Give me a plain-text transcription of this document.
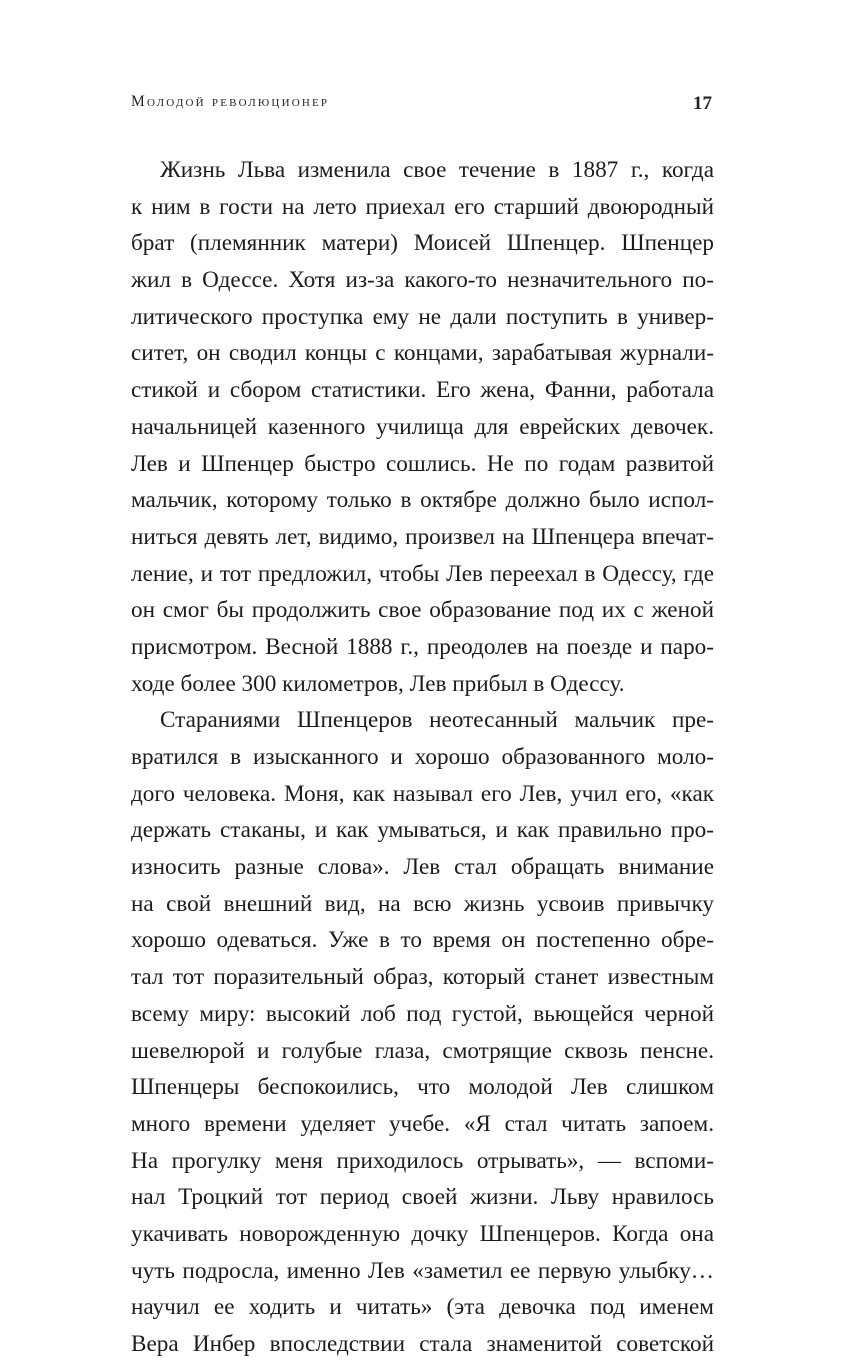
Молодой революционер	17
Жизнь Льва изменила свое течение в 1887 г., когда
к ним в гости на лето приехал его старший двоюродный
брат (племянник матери) Моисей Шпенцер. Шпенцер
жил в Одессе. Хотя из-за какого-то незначительного по-
литического проступка ему не дали поступить в универ-
ситет, он сводил концы с концами, зарабатывая журнали-
стикой и сбором статистики. Его жена, Фанни, работала
начальницей казенного училища для еврейских девочек.
Лев и Шпенцер быстро сошлись. Не по годам развитой
мальчик, которому только в октябре должно было испол-
ниться девять лет, видимо, произвел на Шпенцера впечат-
ление, и тот предложил, чтобы Лев переехал в Одессу, где
он смог бы продолжить свое образование под их с женой
присмотром. Весной 1888 г., преодолев на поезде и паро-
ходе более 300 километров, Лев прибыл в Одессу.
Стараниями Шпенцеров неотесанный мальчик пре-
вратился в изысканного и хорошо образованного моло-
дого человека. Моня, как называл его Лев, учил его, «как
держать стаканы, и как умываться, и как правильно про-
износить разные слова». Лев стал обращать внимание
на свой внешний вид, на всю жизнь усвоив привычку
хорошо одеваться. Уже в то время он постепенно обре-
тал тот поразительный образ, который станет известным
всему миру: высокий лоб под густой, вьющейся черной
шевелюрой и голубые глаза, смотрящие сквозь пенсне.
Шпенцеры беспокоились, что молодой Лев слишком
много времени уделяет учебе. «Я стал читать запоем.
На прогулку меня приходилось отрывать», — вспоми-
нал Троцкий тот период своей жизни. Льву нравилось
укачивать новорожденную дочку Шпенцеров. Когда она
чуть подросла, именно Лев «заметил ее первую улыбку…
научил ее ходить и читать» (эта девочка под именем
Вера Инбер впоследствии стала знаменитой советской
